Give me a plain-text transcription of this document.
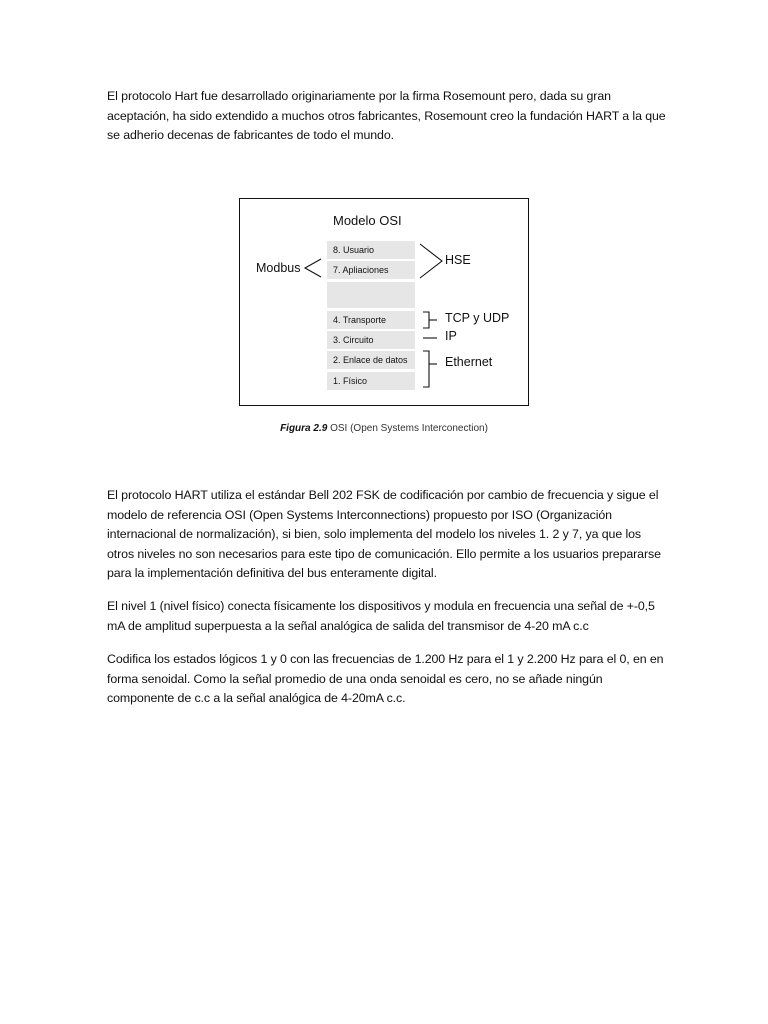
El protocolo Hart fue desarrollado originariamente por la firma Rosemount pero, dada su gran aceptación, ha sido extendido a muchos otros fabricantes, Rosemount creo la fundación HART a la que se adherio decenas de fabricantes de todo el mundo.

Modelo OSI
8. Usuario
7. Apliaciones
4. Transporte
3. Circuito
2. Enlace de datos
1. Físico
Modbus
HSE
TCP y UDP
IP
Ethernet
Figura 2.9 OSI (Open Systems Interconection)

El protocolo HART utiliza el estándar Bell 202 FSK de codificación por cambio de frecuencia y sigue el modelo de referencia OSI (Open Systems Interconnections) propuesto por ISO (Organización internacional de normalización), si bien, solo implementa del modelo los niveles 1. 2 y 7, ya que los otros niveles no son necesarios para este tipo de comunicación. Ello permite a los usuarios prepararse para la implementación definitiva del bus enteramente digital.

El nivel 1 (nivel físico) conecta físicamente los dispositivos y modula en frecuencia una señal de +-0,5 mA de amplitud superpuesta a la señal analógica de salida del transmisor de 4-20 mA c.c

Codifica los estados lógicos 1 y 0 con las frecuencias de 1.200 Hz para el 1 y 2.200 Hz para el 0, en en forma senoidal. Como la señal promedio de una onda senoidal es cero, no se añade ningún componente de c.c a la señal analógica de 4-20mA c.c.
